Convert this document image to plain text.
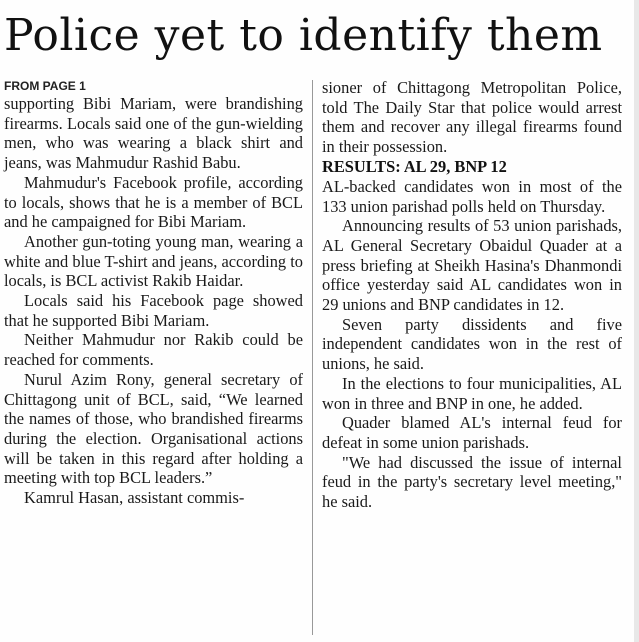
Police yet to identify them

FROM PAGE 1

supporting Bibi Mariam, were brandishing firearms. Locals said one of the gun-wielding men, who was wearing a black shirt and jeans, was Mahmudur Rashid Babu.

Mahmudur's Facebook profile, according to locals, shows that he is a member of BCL and he campaigned for Bibi Mariam.

Another gun-toting young man, wearing a white and blue T-shirt and jeans, according to locals, is BCL activist Rakib Haidar.

Locals said his Facebook page showed that he supported Bibi Mariam.

Neither Mahmudur nor Rakib could be reached for comments.

Nurul Azim Rony, general secretary of Chittagong unit of BCL, said, “We learned the names of those, who brandished firearms during the election. Organisational actions will be taken in this regard after holding a meeting with top BCL leaders.”

Kamrul Hasan, assistant commis-

sioner of Chittagong Metropolitan Police, told The Daily Star that police would arrest them and recover any illegal firearms found in their possession.

RESULTS: AL 29, BNP 12

AL-backed candidates won in most of the 133 union parishad polls held on Thursday.

Announcing results of 53 union parishads, AL General Secretary Obaidul Quader at a press briefing at Sheikh Hasina's Dhanmondi office yesterday said AL candidates won in 29 unions and BNP candidates in 12.

Seven party dissidents and five independent candidates won in the rest of unions, he said.

In the elections to four municipalities, AL won in three and BNP in one, he added.

Quader blamed AL's internal feud for defeat in some union parishads.

"We had discussed the issue of internal feud in the party's secretary level meeting," he said.
